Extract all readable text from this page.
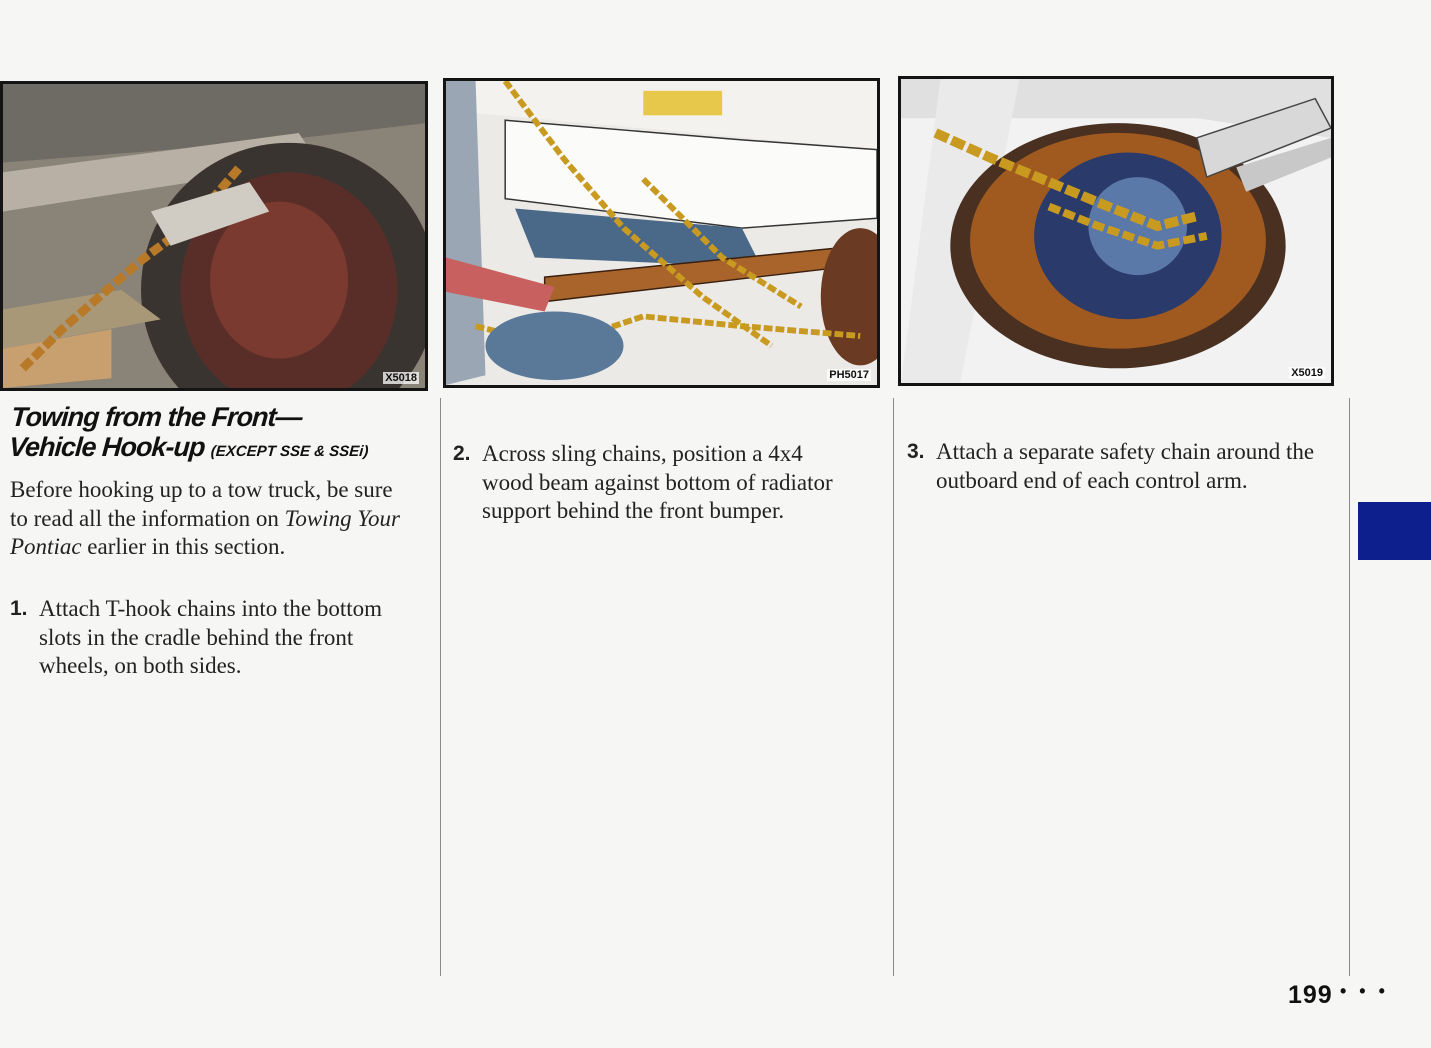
X5018	PH5017	X5019
Towing from the Front—
Vehicle Hook-up (EXCEPT SSE & SSEi)
Before hooking up to a tow truck, be sure to read all the information on Towing Your Pontiac earlier in this section.
1. Attach T-hook chains into the bottom slots in the cradle behind the front wheels, on both sides.
2. Across sling chains, position a 4x4 wood beam against bottom of radiator support behind the front bumper.
3. Attach a separate safety chain around the outboard end of each control arm.
199 • • •
